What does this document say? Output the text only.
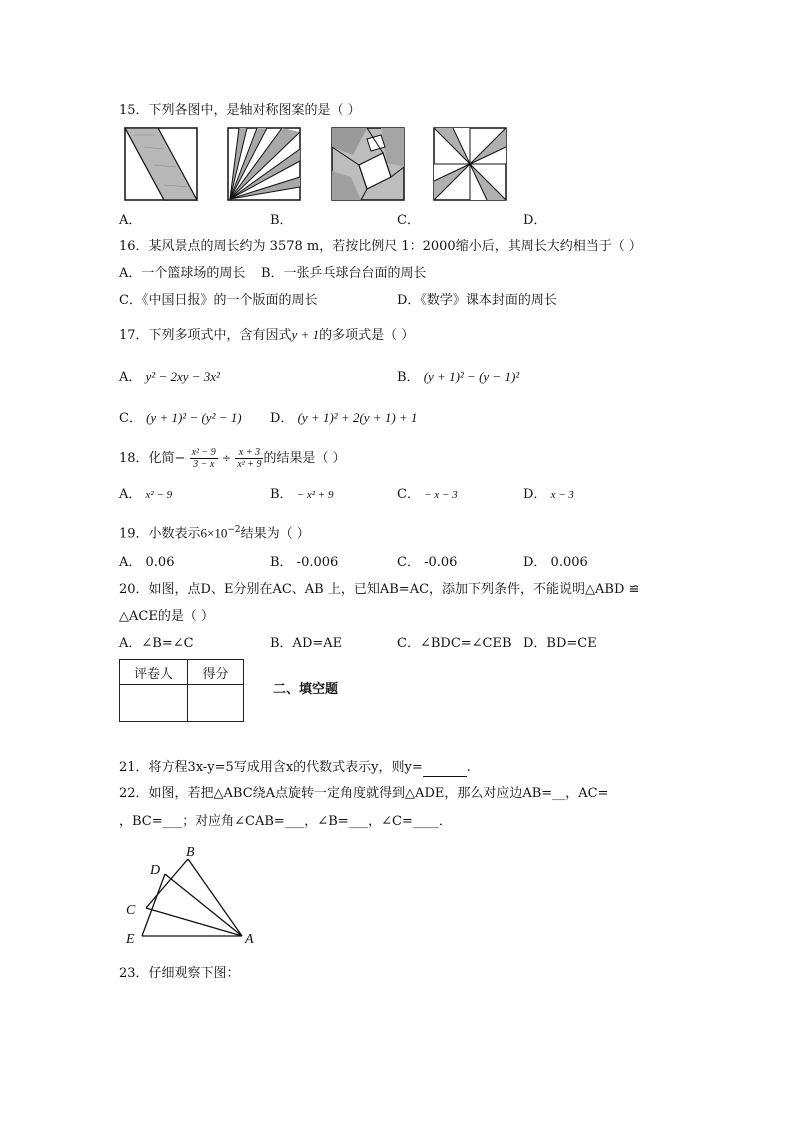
15．下列各图中，是轴对称图案的是（ ）
A．	B．	C．	D．
16．某风景点的周长约为 3578 m，若按比例尺 1：2000缩小后，其周长大约相当于（ ）
A．一个篮球场的周长 B．一张乒乓球台台面的周长
C．《中国日报》的一个版面的周长	D．《数学》课本封面的周长
17．下列多项式中，含有因式y + 1的多项式是（ ）
A． y² − 2xy − 3x²	B． (y + 1)² − (y − 1)²
C． (y + 1)² − (y² − 1) D． (y + 1)² + 2(y + 1) + 1
18．化简− $\frac{\text{x² − 9}}{3 - x} \div \frac{x + 3}{\text{x² + 9}}$ 的结果是（ ）
A． x² − 9	B． − x² + 9	C． − x − 3	D． x − 3
19．小数表示$6\times 10^{-2}$结果为（ ）
A． 0.06	B． -0.006	C． -0.06	D． 0.006
20．如图，点D、E分别在AC、AB 上，已知AB=AC，添加下列条件，不能说明△ABD ≌
△ACE的是（ ）
A．∠B=∠C	B．AD=AE	C．∠BDC=∠CEB D．BD=CE
评卷人	得分

二、填空题
21．将方程3x-y=5写成用含x的代数式表示y，则y=	.
22．如图，若把△ABC绕A点旋转一定角度就得到△ADE，那么对应边AB=__，AC=
，BC=___；对应角∠CAB=___，∠B=___，∠C=____．
B
D
C
E	A
23．仔细观察下图：
